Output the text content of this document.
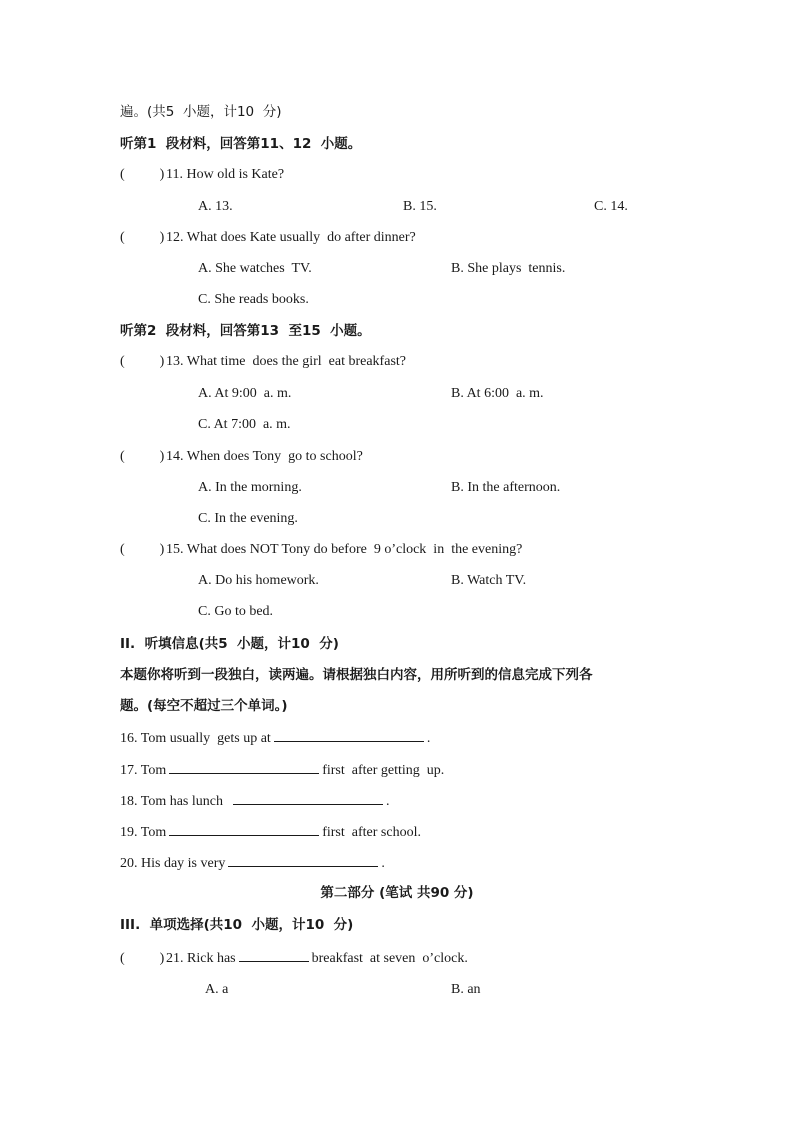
遍。(共5  小题，计10  分)
听第1  段材料，回答第11、12  小题。
(          ) 11. How old is Kate?
A. 13.	B. 15.	C. 14.
(          ) 12. What does Kate usually  do after dinner?
A. She watches  TV.	B. She plays  tennis.
C. She reads books.
听第2  段材料，回答第13  至15  小题。
(          ) 13. What time  does the girl  eat breakfast?
A. At 9:00  a. m.	B. At 6:00  a. m.
C. At 7:00  a. m.
(          ) 14. When does Tony  go to school?
A. In the morning.	B. In the afternoon.
C. In the evening.
(          ) 15. What does NOT Tony do before  9 o’clock  in  the evening?
A. Do his homework.	B. Watch TV.
C. Go to bed.
II.  听填信息(共5  小题，计10  分)
本题你将听到一段独白，读两遍。请根据独白内容，用所听到的信息完成下列各
题。(每空不超过三个单词。)
16. Tom usually  gets up at	.
17. Tom	first  after getting  up.
18. Tom has lunch	.
19. Tom	first  after school.
20. His day is very	.
第二部分 (笔试 共90 分)
III.  单项选择(共10  小题，计10  分)
(          ) 21. Rick has	breakfast  at seven  o’clock.
A. a	B. an
